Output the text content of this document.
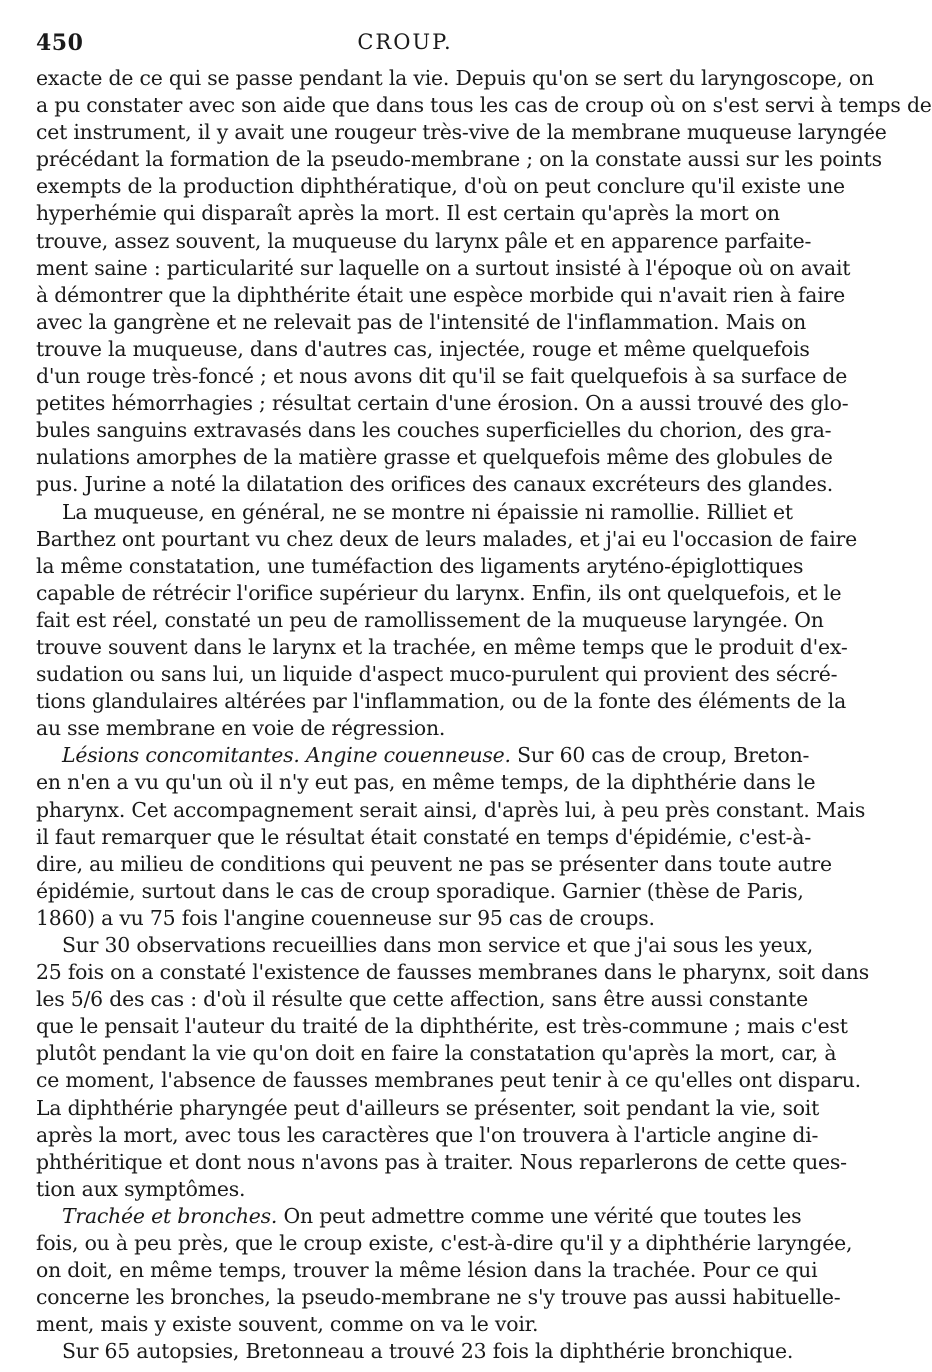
450	CROUP.
exacte de ce qui se passe pendant la vie. Depuis qu'on se sert du laryngoscope, on
a pu constater avec son aide que dans tous les cas de croup où on s'est servi à temps de
cet instrument, il y avait une rougeur très-vive de la membrane muqueuse laryngée
précédant la formation de la pseudo-membrane ; on la constate aussi sur les points
exempts de la production diphthératique, d'où on peut conclure qu'il existe une
hyperhémie qui disparaît après la mort. Il est certain qu'après la mort on
trouve, assez souvent, la muqueuse du larynx pâle et en apparence parfaite-
ment saine : particularité sur laquelle on a surtout insisté à l'époque où on avait
à démontrer que la diphthérite était une espèce morbide qui n'avait rien à faire
avec la gangrène et ne relevait pas de l'intensité de l'inflammation. Mais on
trouve la muqueuse, dans d'autres cas, injectée, rouge et même quelquefois
d'un rouge très-foncé ; et nous avons dit qu'il se fait quelquefois à sa surface de
petites hémorrhagies ; résultat certain d'une érosion. On a aussi trouvé des glo-
bules sanguins extravasés dans les couches superficielles du chorion, des gra-
nulations amorphes de la matière grasse et quelquefois même des globules de
pus. Jurine a noté la dilatation des orifices des canaux excréteurs des glandes.
La muqueuse, en général, ne se montre ni épaissie ni ramollie. Rilliet et
Barthez ont pourtant vu chez deux de leurs malades, et j'ai eu l'occasion de faire
la même constatation, une tuméfaction des ligaments aryténo-épiglottiques
capable de rétrécir l'orifice supérieur du larynx. Enfin, ils ont quelquefois, et le
fait est réel, constaté un peu de ramollissement de la muqueuse laryngée. On
trouve souvent dans le larynx et la trachée, en même temps que le produit d'ex-
sudation ou sans lui, un liquide d'aspect muco-purulent qui provient des sécré-
tions glandulaires altérées par l'inflammation, ou de la fonte des éléments de la
au sse membrane en voie de régression.
Lésions concomitantes. Angine couenneuse. Sur 60 cas de croup, Breton-
en n'en a vu qu'un où il n'y eut pas, en même temps, de la diphthérie dans le
pharynx. Cet accompagnement serait ainsi, d'après lui, à peu près constant. Mais
il faut remarquer que le résultat était constaté en temps d'épidémie, c'est-à-
dire, au milieu de conditions qui peuvent ne pas se présenter dans toute autre
épidémie, surtout dans le cas de croup sporadique. Garnier (thèse de Paris,
1860) a vu 75 fois l'angine couenneuse sur 95 cas de croups.
Sur 30 observations recueillies dans mon service et que j'ai sous les yeux,
25 fois on a constaté l'existence de fausses membranes dans le pharynx, soit dans
les 5/6 des cas : d'où il résulte que cette affection, sans être aussi constante
que le pensait l'auteur du traité de la diphthérite, est très-commune ; mais c'est
plutôt pendant la vie qu'on doit en faire la constatation qu'après la mort, car, à
ce moment, l'absence de fausses membranes peut tenir à ce qu'elles ont disparu.
La diphthérie pharyngée peut d'ailleurs se présenter, soit pendant la vie, soit
après la mort, avec tous les caractères que l'on trouvera à l'article angine di-
phthéritique et dont nous n'avons pas à traiter. Nous reparlerons de cette ques-
tion aux symptômes.
Trachée et bronches. On peut admettre comme une vérité que toutes les
fois, ou à peu près, que le croup existe, c'est-à-dire qu'il y a diphthérie laryngée,
on doit, en même temps, trouver la même lésion dans la trachée. Pour ce qui
concerne les bronches, la pseudo-membrane ne s'y trouve pas aussi habituelle-
ment, mais y existe souvent, comme on va le voir.
Sur 65 autopsies, Bretonneau a trouvé 23 fois la diphthérie bronchique.
